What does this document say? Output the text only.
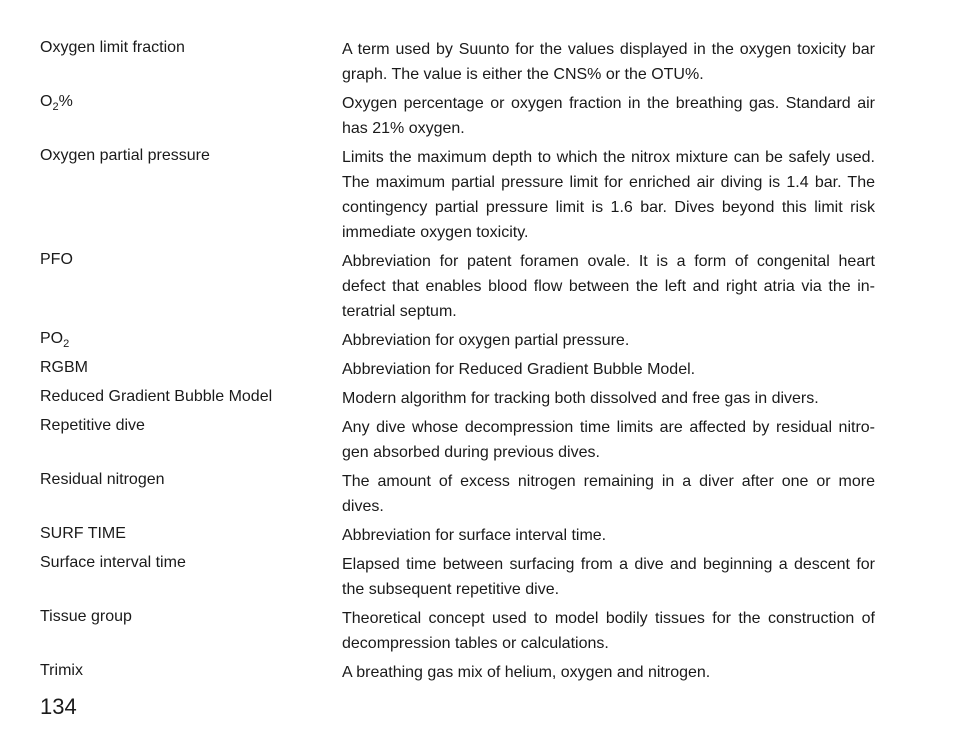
Oxygen limit fraction	A term used by Suunto for the values displayed in the oxygen toxicity bar graph. The value is either the CNS% or the OTU%.
$O_2\%$	Oxygen percentage or oxygen fraction in the breathing gas. Standard air has 21% oxygen.
Oxygen partial pressure	Limits the maximum depth to which the nitrox mixture can be safely used. The maximum partial pressure limit for enriched air diving is 1.4 bar. The contingency partial pressure limit is 1.6 bar. Dives beyond this limit risk immediate oxygen toxicity.
PFO	Abbreviation for patent foramen ovale. It is a form of congenital heart defect that enables blood flow between the left and right atria via the interatrial septum.
$PO_2$	Abbreviation for oxygen partial pressure.
RGBM	Abbreviation for Reduced Gradient Bubble Model.
Reduced Gradient Bubble Model	Modern algorithm for tracking both dissolved and free gas in divers.
Repetitive dive	Any dive whose decompression time limits are affected by residual nitrogen absorbed during previous dives.
Residual nitrogen	The amount of excess nitrogen remaining in a diver after one or more dives.
SURF TIME	Abbreviation for surface interval time.
Surface interval time	Elapsed time between surfacing from a dive and beginning a descent for the subsequent repetitive dive.
Tissue group	Theoretical concept used to model bodily tissues for the construction of decompression tables or calculations.
Trimix	A breathing gas mix of helium, oxygen and nitrogen.
134
